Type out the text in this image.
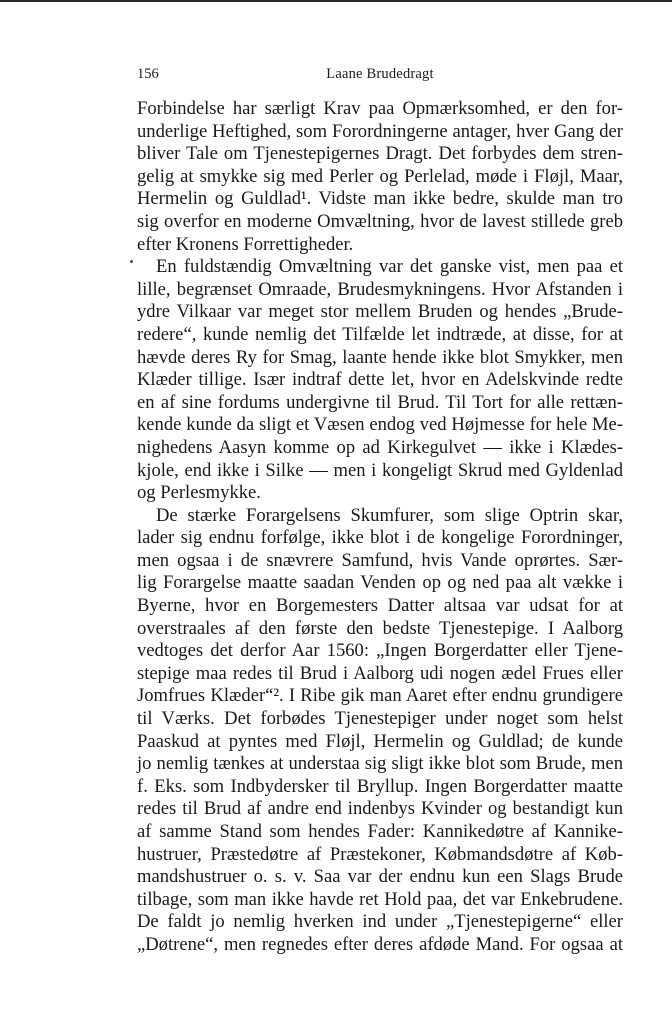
156	Laane Brudedragt
Forbindelse har særligt Krav paa Opmærksomhed, er den for-
underlige Heftighed, som Forordningerne antager, hver Gang der
bliver Tale om Tjenestepigernes Dragt. Det forbydes dem stren-
gelig at smykke sig med Perler og Perlelad, møde i Fløjl, Maar,
Hermelin og Guldlad¹. Vidste man ikke bedre, skulde man tro
sig overfor en moderne Omvæltning, hvor de lavest stillede greb
efter Kronens Forrettigheder.
En fuldstændig Omvæltning var det ganske vist, men paa et
lille, begrænset Omraade, Brudesmykningens. Hvor Afstanden i
ydre Vilkaar var meget stor mellem Bruden og hendes „Brude-
redere“, kunde nemlig det Tilfælde let indtræde, at disse, for at
hævde deres Ry for Smag, laante hende ikke blot Smykker, men
Klæder tillige. Især indtraf dette let, hvor en Adelskvinde redte
en af sine fordums undergivne til Brud. Til Tort for alle rettæn-
kende kunde da sligt et Væsen endog ved Højmesse for hele Me-
nighedens Aasyn komme op ad Kirkegulvet — ikke i Klædes-
kjole, end ikke i Silke — men i kongeligt Skrud med Gyldenlad
og Perlesmykke.
De stærke Forargelsens Skumfurer, som slige Optrin skar,
lader sig endnu forfølge, ikke blot i de kongelige Forordninger,
men ogsaa i de snævrere Samfund, hvis Vande oprørtes. Sær-
lig Forargelse maatte saadan Venden op og ned paa alt vække i
Byerne, hvor en Borgemesters Datter altsaa var udsat for at
overstraales af den første den bedste Tjenestepige. I Aalborg
vedtoges det derfor Aar 1560: „Ingen Borgerdatter eller Tjene-
stepige maa redes til Brud i Aalborg udi nogen ædel Frues eller
Jomfrues Klæder“². I Ribe gik man Aaret efter endnu grundigere
til Værks. Det forbødes Tjenestepiger under noget som helst
Paaskud at pyntes med Fløjl, Hermelin og Guldlad; de kunde
jo nemlig tænkes at understaa sig sligt ikke blot som Brude, men
f. Eks. som Indbydersker til Bryllup. Ingen Borgerdatter maatte
redes til Brud af andre end indenbys Kvinder og bestandigt kun
af samme Stand som hendes Fader: Kannikedøtre af Kannike-
hustruer, Præstedøtre af Præstekoner, Købmandsdøtre af Køb-
mandshustruer o. s. v. Saa var der endnu kun een Slags Brude
tilbage, som man ikke havde ret Hold paa, det var Enkebrudene.
De faldt jo nemlig hverken ind under „Tjenestepigerne“ eller
„Døtrene“, men regnedes efter deres afdøde Mand. For ogsaa at
